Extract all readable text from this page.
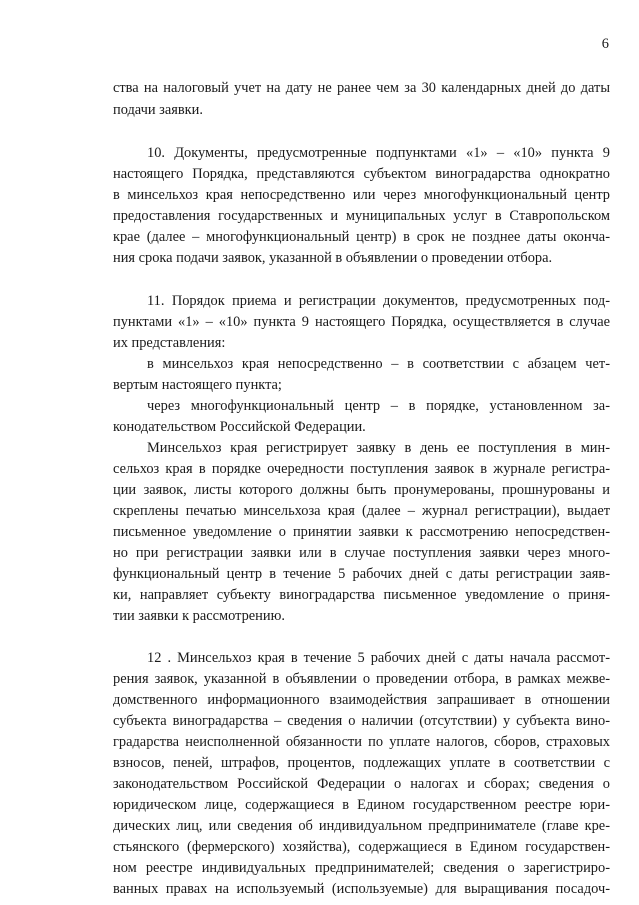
6
ства на налоговый учет на дату не ранее чем за 30 календарных дней до даты
подачи заявки.
10. Документы, предусмотренные подпунктами «1» – «10» пункта 9
настоящего Порядка, представляются субъектом виноградарства однократно
в минсельхоз края непосредственно или через многофункциональный центр
предоставления государственных и муниципальных услуг в Ставропольском
крае (далее – многофункциональный центр) в срок не позднее даты оконча-
ния срока подачи заявок, указанной в объявлении о проведении отбора.
11. Порядок приема и регистрации документов, предусмотренных под-
пунктами «1» – «10» пункта 9 настоящего Порядка, осуществляется в случае
их представления:
в минсельхоз края непосредственно – в соответствии с абзацем чет-
вертым настоящего пункта;
через многофункциональный центр – в порядке, установленном за-
конодательством Российской Федерации.
Минсельхоз края регистрирует заявку в день ее поступления в мин-
сельхоз края в порядке очередности поступления заявок в журнале регистра-
ции заявок, листы которого должны быть пронумерованы, прошнурованы и
скреплены печатью минсельхоза края (далее – журнал регистрации), выдает
письменное уведомление о принятии заявки к рассмотрению непосредствен-
но при регистрации заявки или в случае поступления заявки через много-
функциональный центр в течение 5 рабочих дней с даты регистрации заяв-
ки, направляет субъекту виноградарства письменное уведомление о приня-
тии заявки к рассмотрению.
12 . Минсельхоз края в течение 5 рабочих дней с даты начала рассмот-
рения заявок, указанной в объявлении о проведении отбора, в рамках межве-
домственного информационного взаимодействия запрашивает в отношении
субъекта виноградарства – сведения о наличии (отсутствии) у субъекта вино-
градарства неисполненной обязанности по уплате налогов, сборов, страховых
взносов, пеней, штрафов, процентов, подлежащих уплате в соответствии с
законодательством Российской Федерации о налогах и сборах; сведения о
юридическом лице, содержащиеся в Едином государственном реестре юри-
дических лиц, или сведения об индивидуальном предпринимателе (главе кре-
стьянского (фермерского) хозяйства), содержащиеся в Едином государствен-
ном реестре индивидуальных предпринимателей; сведения о зарегистриро-
ванных правах на используемый (используемые) для выращивания посадоч-
